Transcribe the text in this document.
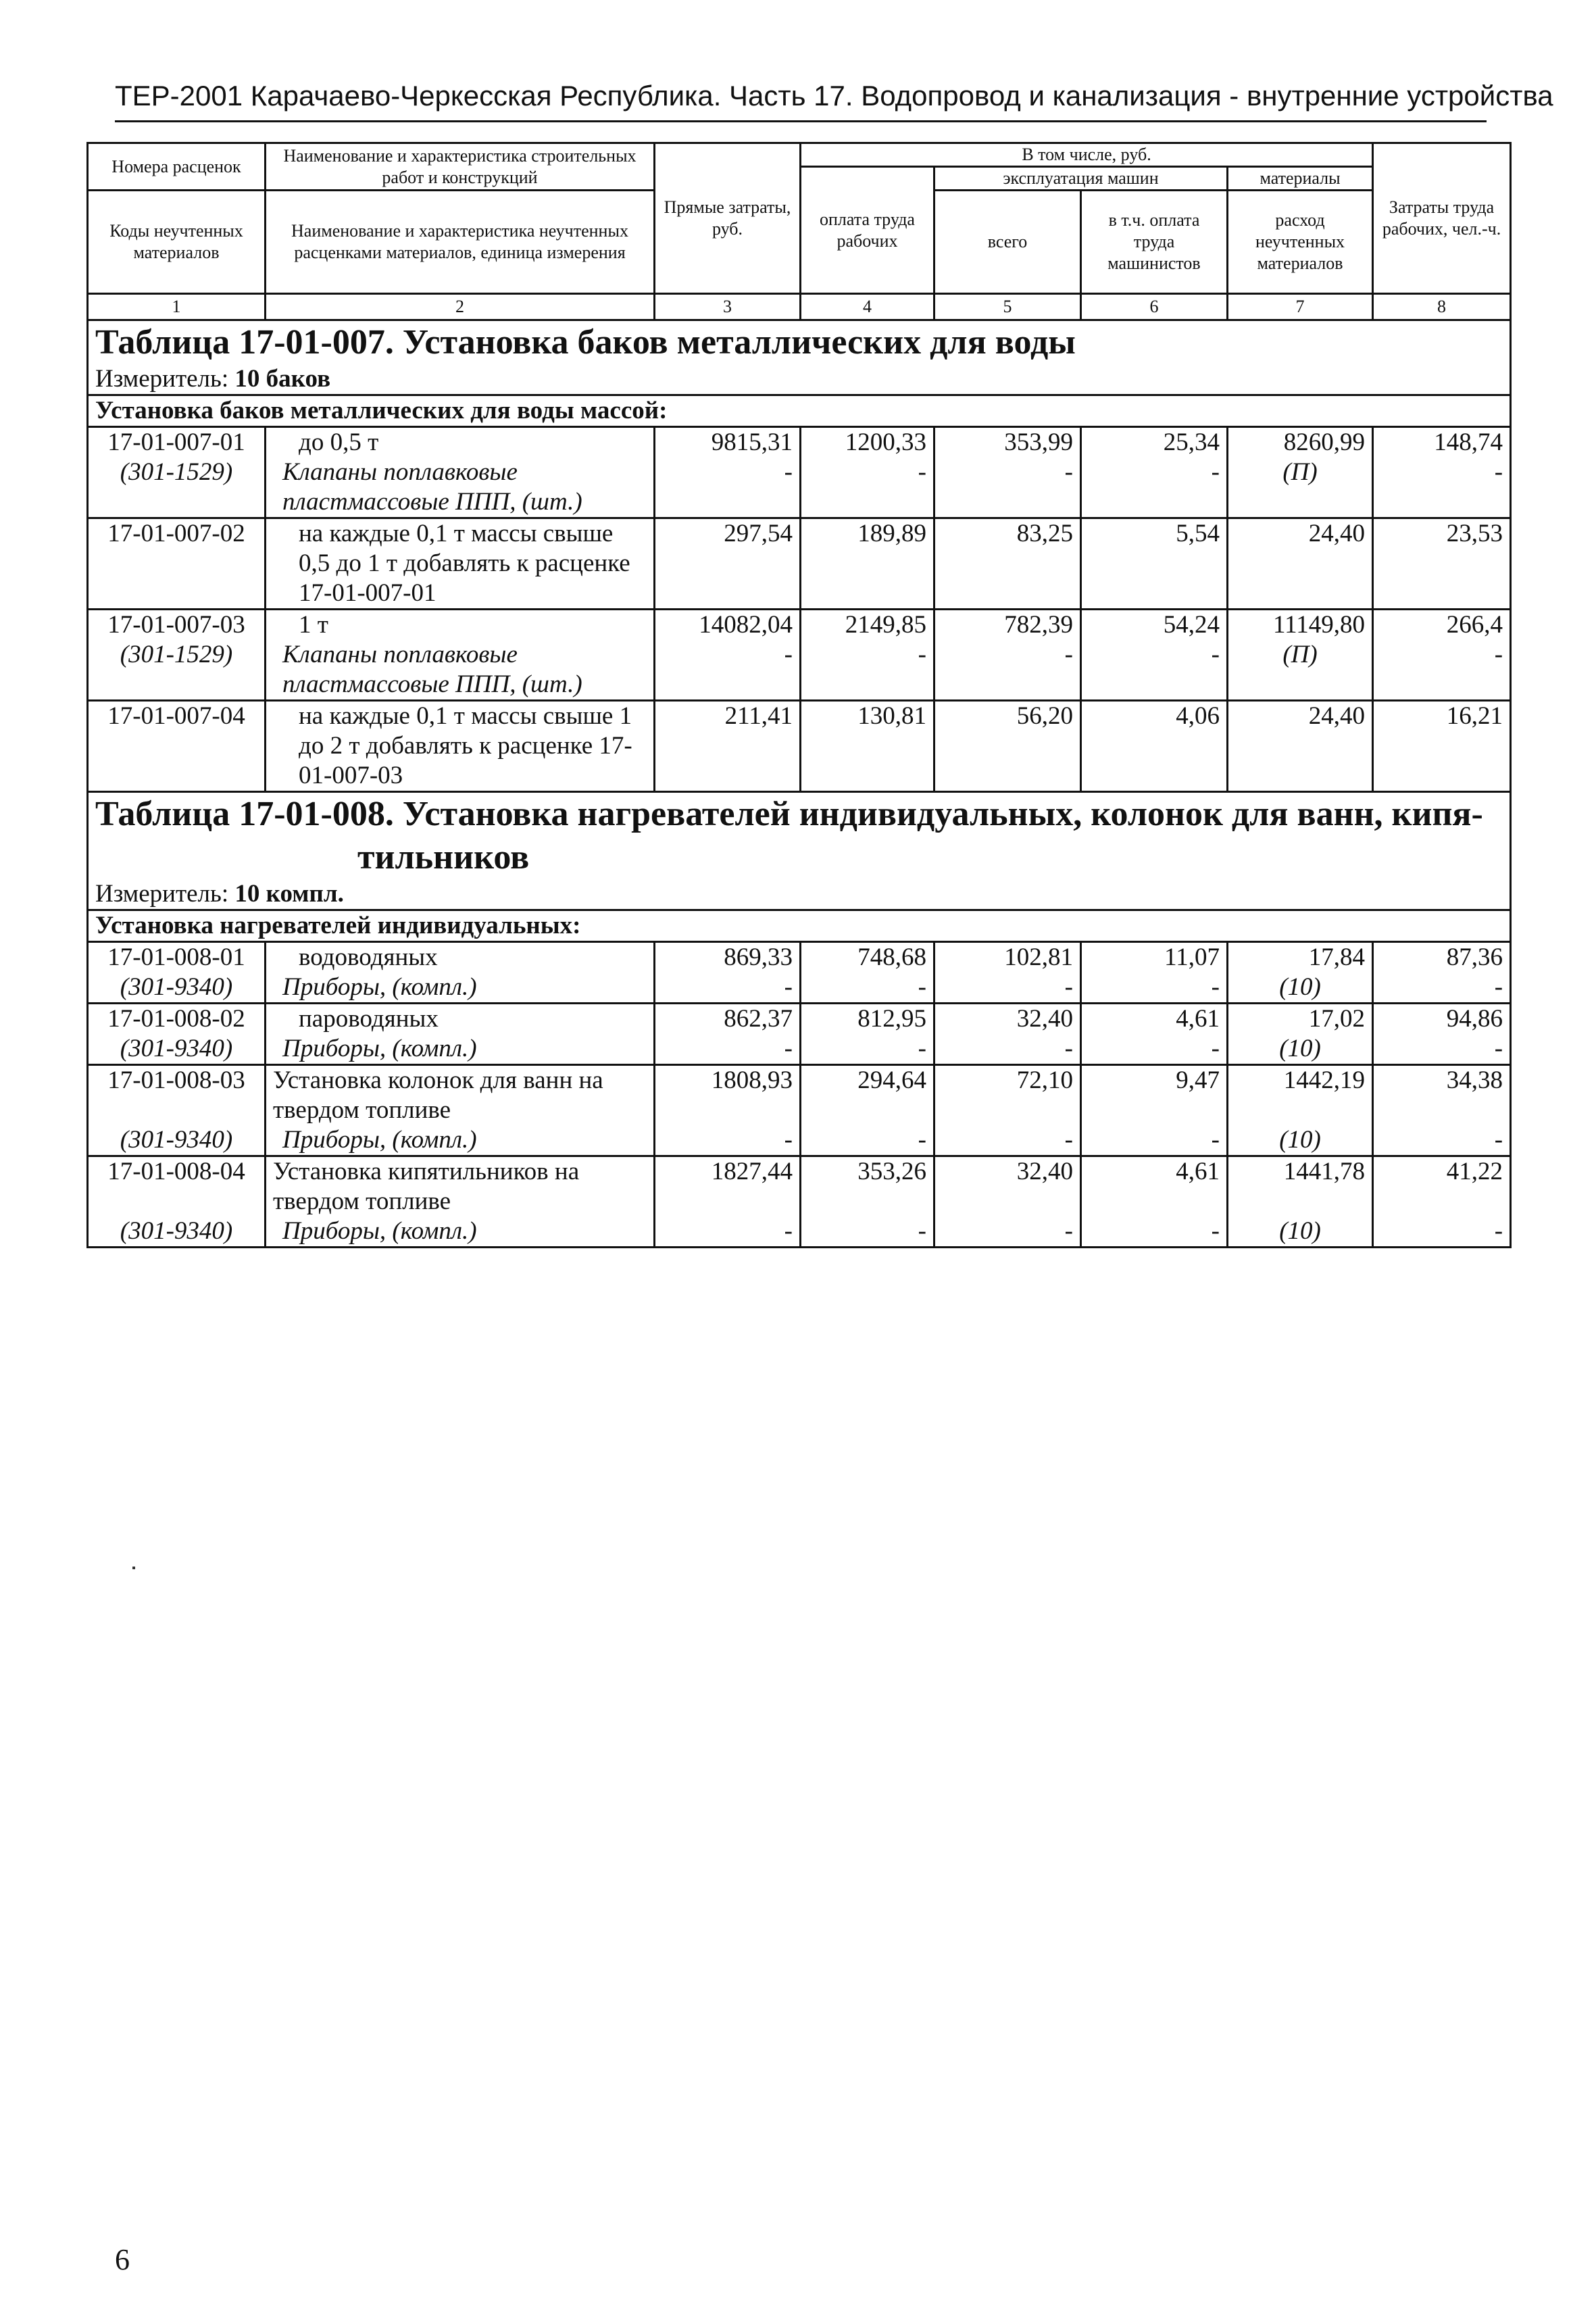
ТЕР-2001 Карачаево-Черкесская Республика. Часть 17. Водопровод и канализация - внутренние устройства
Номера расценок	Наименование и характеристика строительных работ и конструкций	Прямые затраты, руб.	В том числе, руб.				Затраты труда рабочих, чел.-ч.
			оплата труда рабочих	эксплуатация машин		материалы	
Коды неучтенных материалов	Наименование и характеристика неучтенных расценками материалов, единица измерения			всего	в т.ч. оплата труда машинистов	расход неучтенных материалов	

1	2	3	4	5	6	7	8
Таблица 17-01-007. Установка баков металлических для воды							
Измеритель: 10 баков							
Установка баков металлических для воды массой:							
17-01-007-01	до 0,5 т	9815,31	1200,33	353,99	25,34	8260,99	148,74
(301-1529)	Клапаны поплавковые пластмассовые ППП, (шт.)	-	-	-	-	(П)	-
17-01-007-02	на каждые 0,1 т массы свыше 0,5 до 1 т добавлять к расценке 17-01-007-01	297,54	189,89	83,25	5,54	24,40	23,53
17-01-007-03	1 т	14082,04	2149,85	782,39	54,24	11149,80	266,4
(301-1529)	Клапаны поплавковые пластмассовые ППП, (шт.)	-	-	-	-	(П)	-
17-01-007-04	на каждые 0,1 т массы свыше 1 до 2 т добавлять к расценке 17-01-007-03	211,41	130,81	56,20	4,06	24,40	16,21

Таблица 17-01-008. Установка нагревателей индивидуальных, колонок для ванн, кипя-
тильников							

Измеритель: 10 компл.							
Установка нагревателей индивидуальных:							
17-01-008-01	водоводяных	869,33	748,68	102,81	11,07	17,84	87,36
(301-9340)	Приборы, (компл.)	-	-	-	-	(10)	-
17-01-008-02	пароводяных	862,37	812,95	32,40	4,61	17,02	94,86
(301-9340)	Приборы, (компл.)	-	-	-	-	(10)	-
17-01-008-03	Установка колонок для ванн на твердом топливе	1808,93	294,64	72,10	9,47	1442,19	34,38
(301-9340)	Приборы, (компл.)	-	-	-	-	(10)	-
17-01-008-04	Установка кипятильников на твердом топливе	1827,44	353,26	32,40	4,61	1441,78	41,22
(301-9340)	Приборы, (компл.)	-	-	-	-	(10)	-
6
